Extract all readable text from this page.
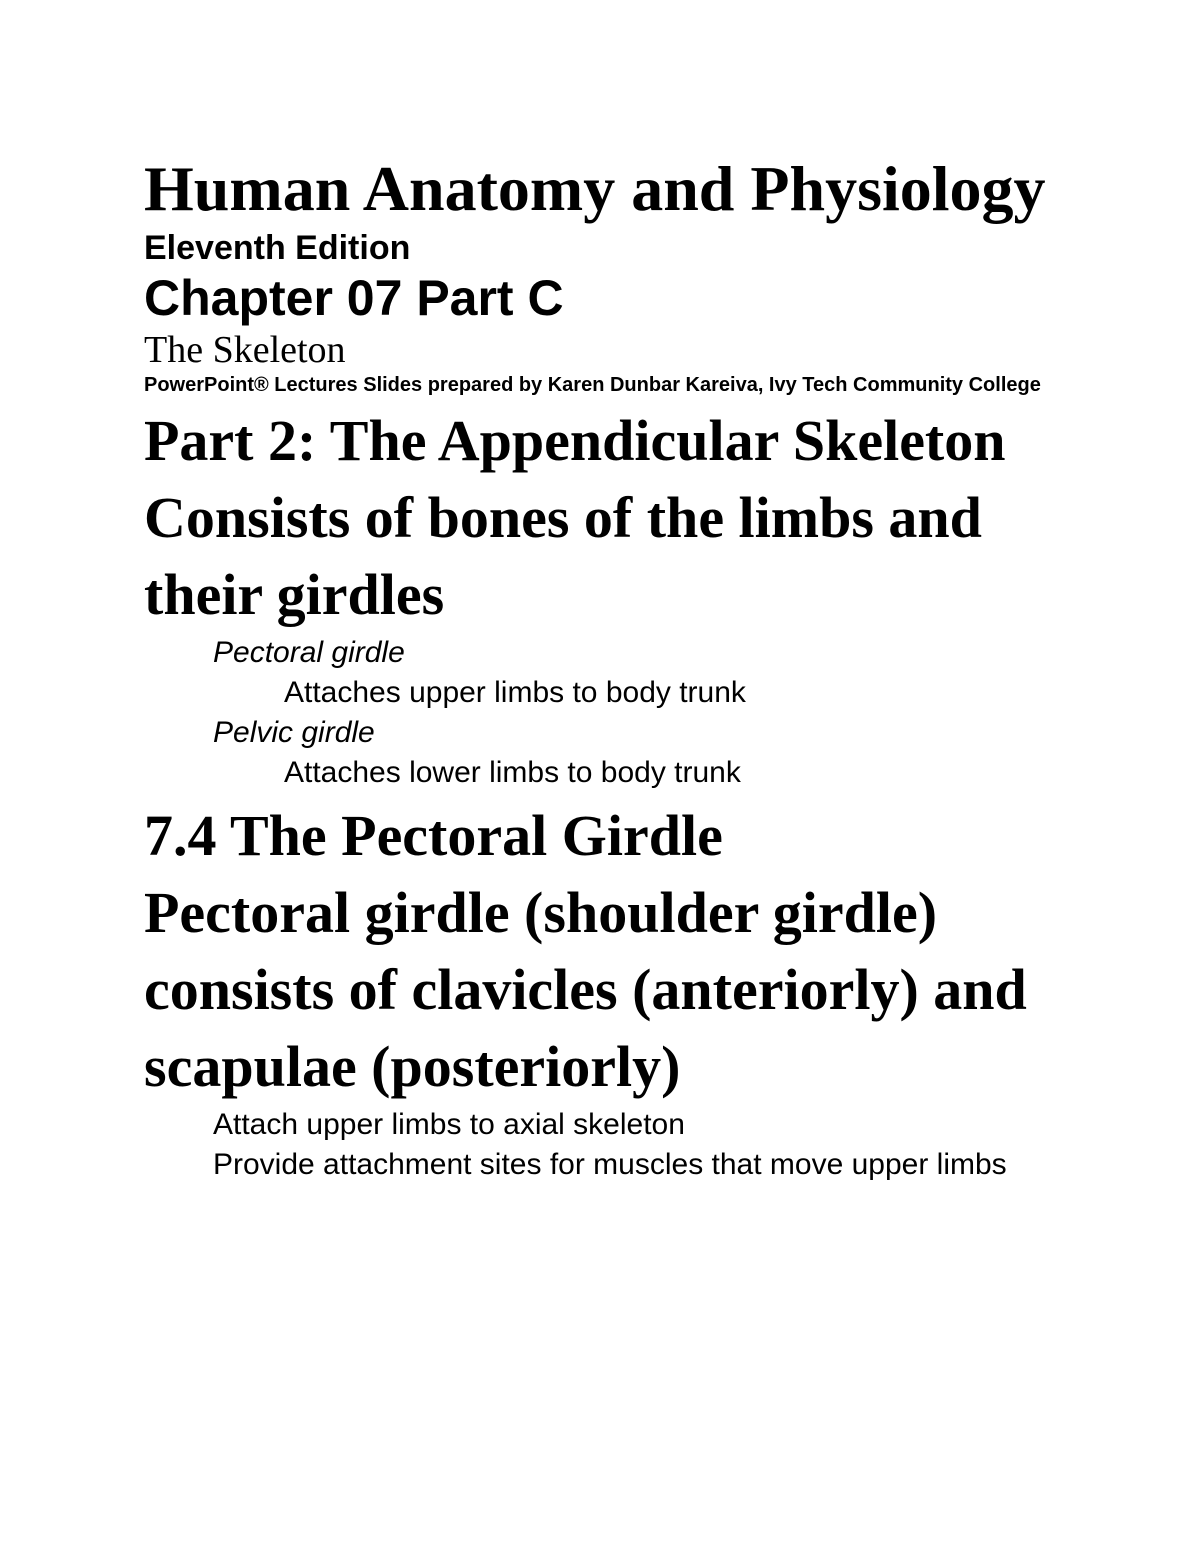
Human Anatomy and Physiology

Eleventh Edition

Chapter 07 Part C

The Skeleton

PowerPoint® Lectures Slides prepared by Karen Dunbar Kareiva, Ivy Tech Community College

Part 2: The Appendicular Skeleton

Consists of bones of the limbs and their girdles

Pectoral girdle

Attaches upper limbs to body trunk

Pelvic girdle

Attaches lower limbs to body trunk

7.4 The Pectoral Girdle

Pectoral girdle (shoulder girdle) consists of clavicles (anteriorly) and scapulae (posteriorly)

Attach upper limbs to axial skeleton

Provide attachment sites for muscles that move upper limbs
